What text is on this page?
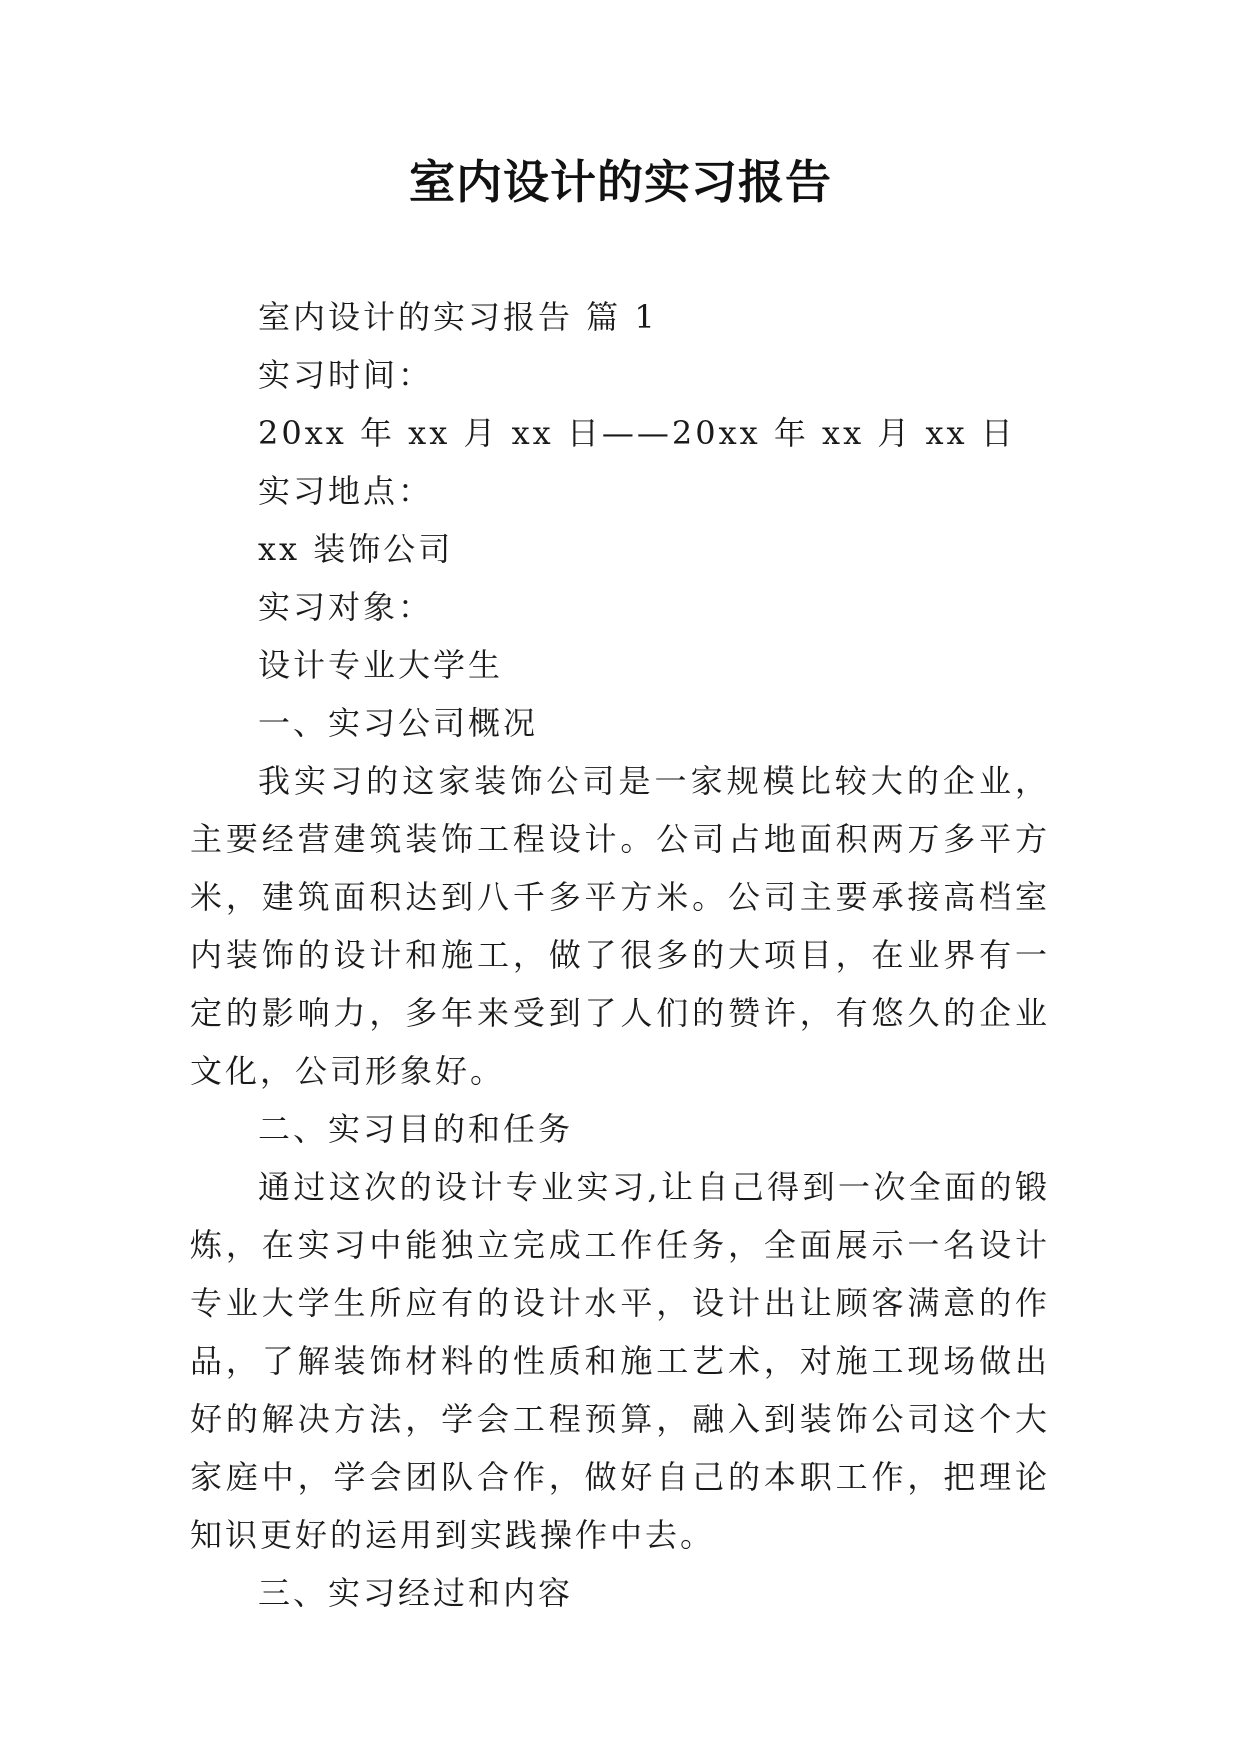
室内设计的实习报告

室内设计的实习报告 篇 1

实习时间：

20xx 年 xx 月 xx 日——20xx 年 xx 月 xx 日

实习地点：

xx 装饰公司

实习对象：

设计专业大学生

一、实习公司概况

我实习的这家装饰公司是一家规模比较大的企业，主要经营建筑装饰工程设计。公司占地面积两万多平方米，建筑面积达到八千多平方米。公司主要承接高档室内装饰的设计和施工，做了很多的大项目，在业界有一定的影响力，多年来受到了人们的赞许，有悠久的企业文化，公司形象好。

二、实习目的和任务

通过这次的设计专业实习,让自己得到一次全面的锻炼，在实习中能独立完成工作任务，全面展示一名设计专业大学生所应有的设计水平，设计出让顾客满意的作品，了解装饰材料的性质和施工艺术，对施工现场做出好的解决方法，学会工程预算，融入到装饰公司这个大家庭中，学会团队合作，做好自己的本职工作，把理论知识更好的运用到实践操作中去。

三、实习经过和内容
